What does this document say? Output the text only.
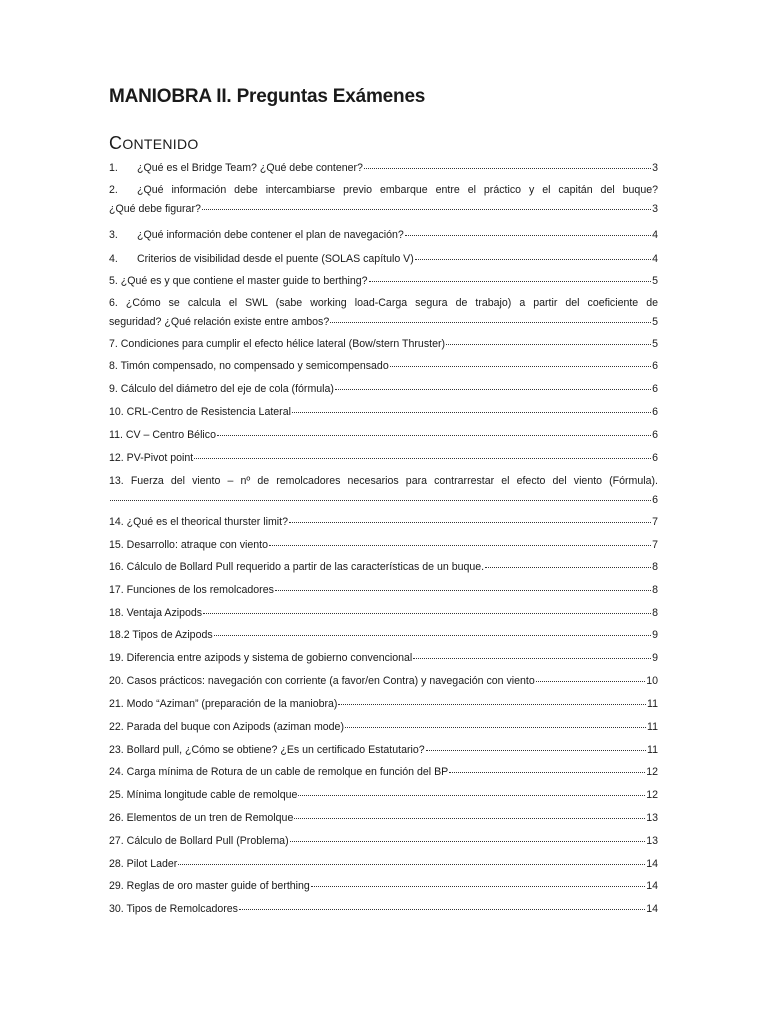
MANIOBRA II. Preguntas Exámenes
CONTENIDO
1.	¿Qué es el Bridge Team? ¿Qué debe contener?	3
2. ¿Qué información debe intercambiarse previo embarque entre el práctico y el capitán del buque?
¿Qué debe figurar?	3
3.	¿Qué información debe contener el plan de navegación?	4
4.	Criterios de visibilidad desde el puente (SOLAS capítulo V)	4
5. ¿Qué es y que contiene el master guide to berthing?	5
6. ¿Cómo se calcula el SWL (sabe working load-Carga segura de trabajo) a partir del coeficiente de
seguridad? ¿Qué relación existe entre ambos?	5
7. Condiciones para cumplir el efecto hélice lateral (Bow/stern Thruster)	5
8. Timón compensado, no compensado y semicompensado	6
9. Cálculo del diámetro del eje de cola (fórmula)	6
10. CRL-Centro de Resistencia Lateral	6
11. CV – Centro Bélico	6
12. PV-Pivot point	6
13. Fuerza del viento – nº de remolcadores necesarios para contrarrestar el efecto del viento (Fórmula).
6
14. ¿Qué es el theorical thurster limit?	7
15. Desarrollo: atraque con viento	7
16. Cálculo de Bollard Pull requerido a partir de las características de un buque.	8
17. Funciones de los remolcadores	8
18. Ventaja Azipods	8
18.2 Tipos de Azipods	9
19. Diferencia entre azipods y sistema de gobierno convencional	9
20. Casos prácticos: navegación con corriente (a favor/en Contra) y navegación con viento	10
21. Modo “Aziman” (preparación de la maniobra)	11
22. Parada del buque con Azipods (aziman mode)	11
23. Bollard pull, ¿Cómo se obtiene? ¿Es un certificado Estatutario?	11
24. Carga mínima de Rotura de un cable de remolque en función del BP	12
25. Mínima longitude cable de remolque	12
26. Elementos de un tren de Remolque	13
27. Cálculo de Bollard Pull (Problema)	13
28. Pilot Lader	14
29. Reglas de oro master guide of berthing	14
30. Tipos de Remolcadores	14
